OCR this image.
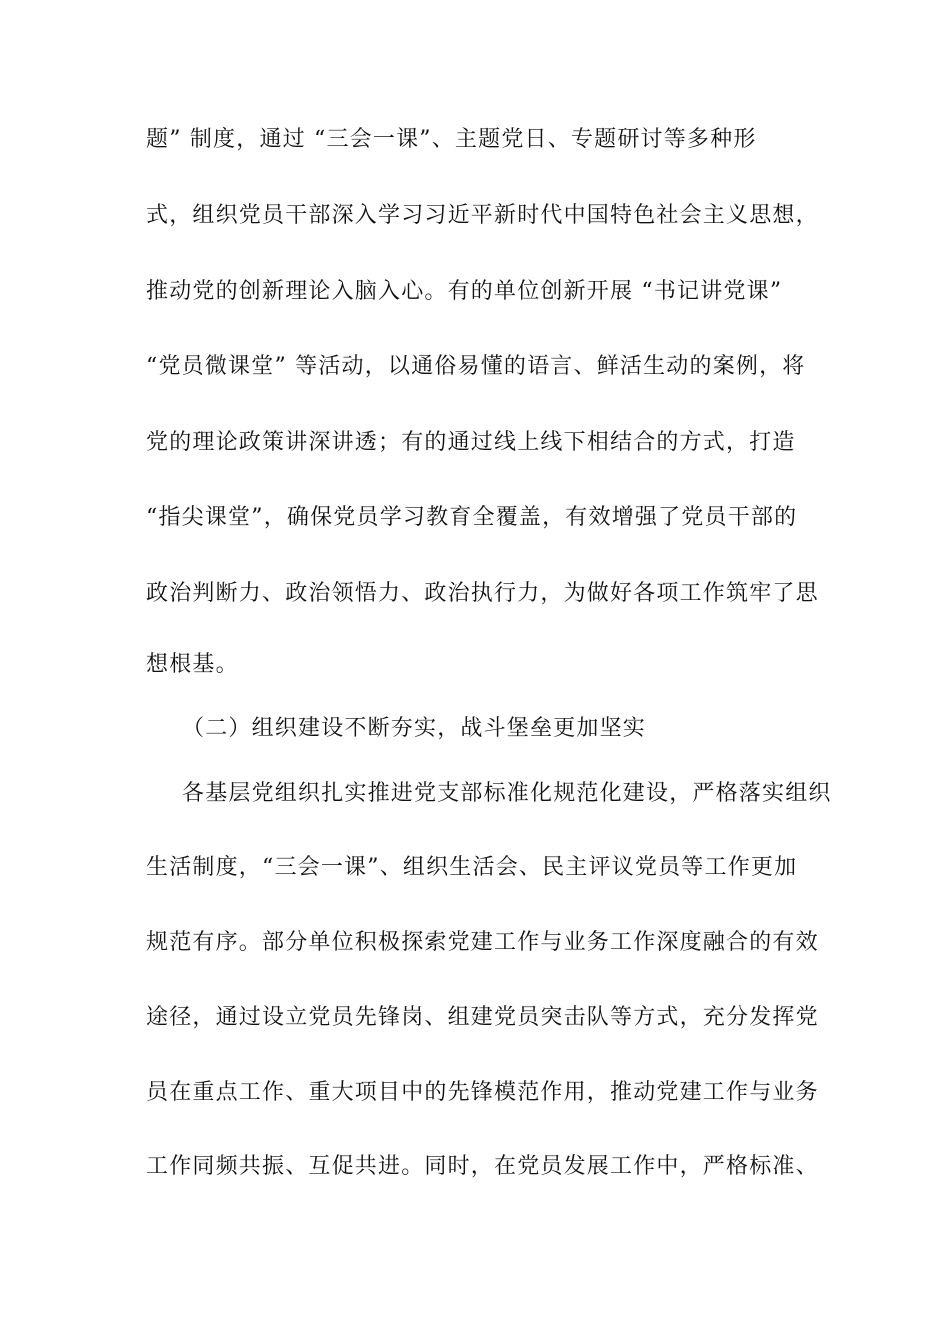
题” 制度，通过 “三会一课”、主题党日、专题研讨等多种形
式，组织党员干部深入学习习近平新时代中国特色社会主义思想，
推动党的创新理论入脑入心。有的单位创新开展 “书记讲党课”
“党员微课堂” 等活动，以通俗易懂的语言、鲜活生动的案例，将
党的理论政策讲深讲透；有的通过线上线下相结合的方式，打造
“指尖课堂”，确保党员学习教育全覆盖，有效增强了党员干部的
政治判断力、政治领悟力、政治执行力，为做好各项工作筑牢了思
想根基。
（二）组织建设不断夯实，战斗堡垒更加坚实
各基层党组织扎实推进党支部标准化规范化建设，严格落实组织
生活制度，“三会一课”、组织生活会、民主评议党员等工作更加
规范有序。部分单位积极探索党建工作与业务工作深度融合的有效
途径，通过设立党员先锋岗、组建党员突击队等方式，充分发挥党
员在重点工作、重大项目中的先锋模范作用，推动党建工作与业务
工作同频共振、互促共进。同时，在党员发展工作中，严格标准、
